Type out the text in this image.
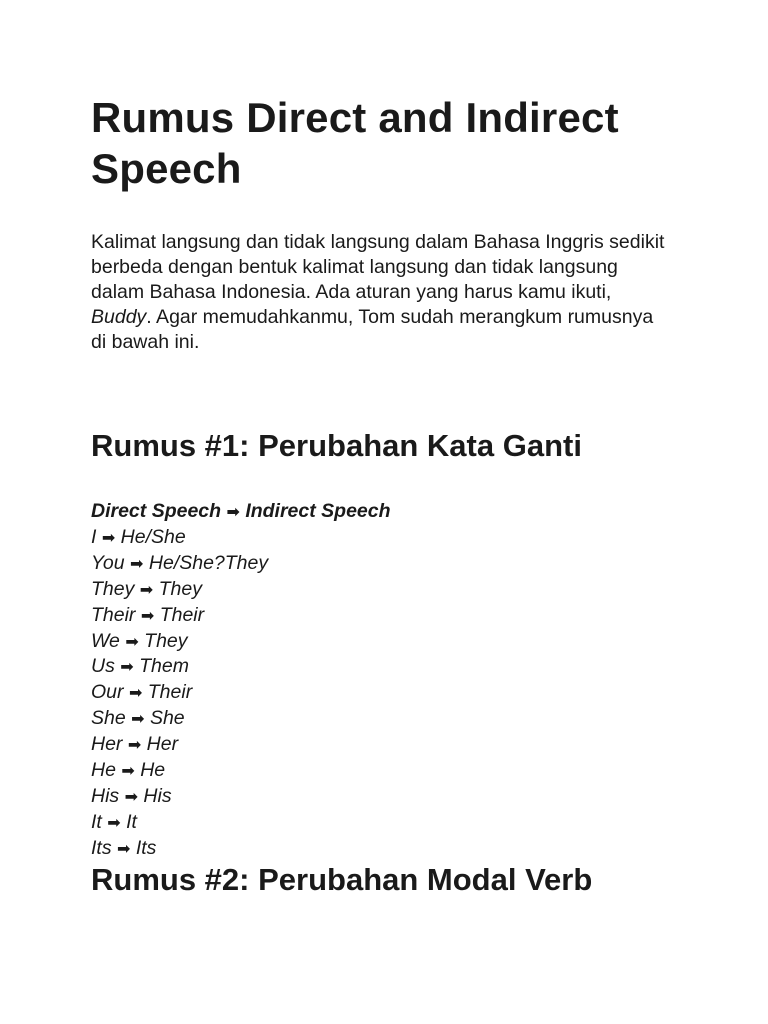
Rumus Direct and Indirect Speech

Kalimat langsung dan tidak langsung dalam Bahasa Inggris sedikit berbeda dengan bentuk kalimat langsung dan tidak langsung dalam Bahasa Indonesia. Ada aturan yang harus kamu ikuti, Buddy. Agar memudahkanmu, Tom sudah merangkum rumusnya di bawah ini.

Rumus #1: Perubahan Kata Ganti
Direct Speech ➡ Indirect Speech
I ➡ He/She
You ➡ He/She?They
They ➡ They
Their ➡ Their
We ➡ They
Us ➡ Them
Our ➡ Their
She ➡ She
Her ➡ Her
He ➡ He
His ➡ His
It ➡ It
Its ➡ Its
Rumus #2: Perubahan Modal Verb
